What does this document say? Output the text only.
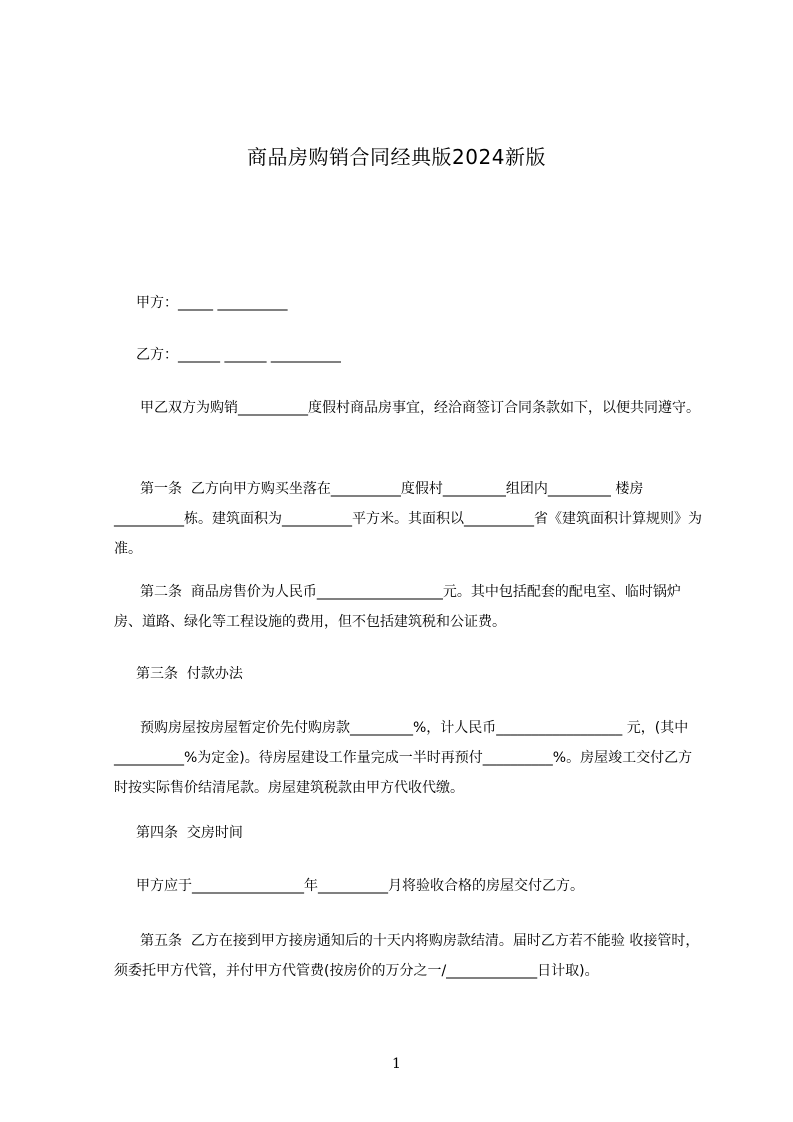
商品房购销合同经典版2024新版

甲方：_____ __________

乙方：______ ______ __________

甲乙双方为购销__________度假村商品房事宜，经洽商签订合同条款如下，以便共同遵守。

第一条  乙方向甲方购买坐落在__________度假村_________组团内_________ 楼房__________栋。建筑面积为__________平方米。其面积以__________省《建筑面积计算规则》为准。

第二条  商品房售价为人民币__________________元。其中包括配套的配电室、临时锅炉房、道路、绿化等工程设施的费用，但不包括建筑税和公证费。

第三条  付款办法

预购房屋按房屋暂定价先付购房款_________%，计人民币__________________ 元，(其中__________%为定金)。待房屋建设工作量完成一半时再预付__________%。房屋竣工交付乙方时按实际售价结清尾款。房屋建筑税款由甲方代收代缴。

第四条  交房时间

甲方应于________________年__________月将验收合格的房屋交付乙方。

第五条  乙方在接到甲方接房通知后的十天内将购房款结清。届时乙方若不能验 收接管时，须委托甲方代管，并付甲方代管费(按房价的万分之一/_____________日计取)。

1
